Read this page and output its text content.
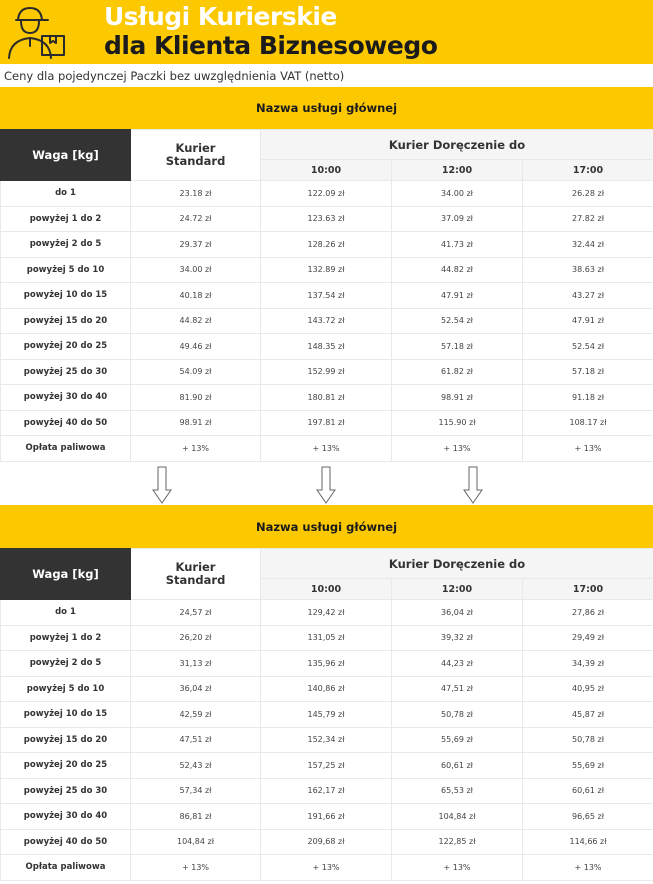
Usługi Kurierskie
dla Klienta Biznesowego
Ceny dla pojedynczej Paczki bez uwzględnienia VAT (netto)
Nazwa usługi głównej
Waga [kg]	Kurier
Standard	Kurier Doręczenie do		
		10:00	12:00	17:00
do 1	23.18 zł	122.09 zł	34.00 zł	26.28 zł
powyżej 1 do 2	24.72 zł	123.63 zł	37.09 zł	27.82 zł
powyżej 2 do 5	29.37 zł	128.26 zł	41.73 zł	32.44 zł
powyżej 5 do 10	34.00 zł	132.89 zł	44.82 zł	38.63 zł
powyżej 10 do 15	40.18 zł	137.54 zł	47.91 zł	43.27 zł
powyżej 15 do 20	44.82 zł	143.72 zł	52.54 zł	47.91 zł
powyżej 20 do 25	49.46 zł	148.35 zł	57.18 zł	52.54 zł
powyżej 25 do 30	54.09 zł	152.99 zł	61.82 zł	57.18 zł
powyżej 30 do 40	81.90 zł	180.81 zł	98.91 zł	91.18 zł
powyżej 40 do 50	98.91 zł	197.81 zł	115.90 zł	108.17 zł
Opłata paliwowa	+ 13%	+ 13%	+ 13%	+ 13%
Nazwa usługi głównej
Waga [kg]	Kurier
Standard	Kurier Doręczenie do		
		10:00	12:00	17:00
do 1	24,57 zł	129,42 zł	36,04 zł	27,86 zł
powyżej 1 do 2	26,20 zł	131,05 zł	39,32 zł	29,49 zł
powyżej 2 do 5	31,13 zł	135,96 zł	44,23 zł	34,39 zł
powyżej 5 do 10	36,04 zł	140,86 zł	47,51 zł	40,95 zł
powyżej 10 do 15	42,59 zł	145,79 zł	50,78 zł	45,87 zł
powyżej 15 do 20	47,51 zł	152,34 zł	55,69 zł	50,78 zł
powyżej 20 do 25	52,43 zł	157,25 zł	60,61 zł	55,69 zł
powyżej 25 do 30	57,34 zł	162,17 zł	65,53 zł	60,61 zł
powyżej 30 do 40	86,81 zł	191,66 zł	104,84 zł	96,65 zł
powyżej 40 do 50	104,84 zł	209,68 zł	122,85 zł	114,66 zł
Opłata paliwowa	+ 13%	+ 13%	+ 13%	+ 13%
